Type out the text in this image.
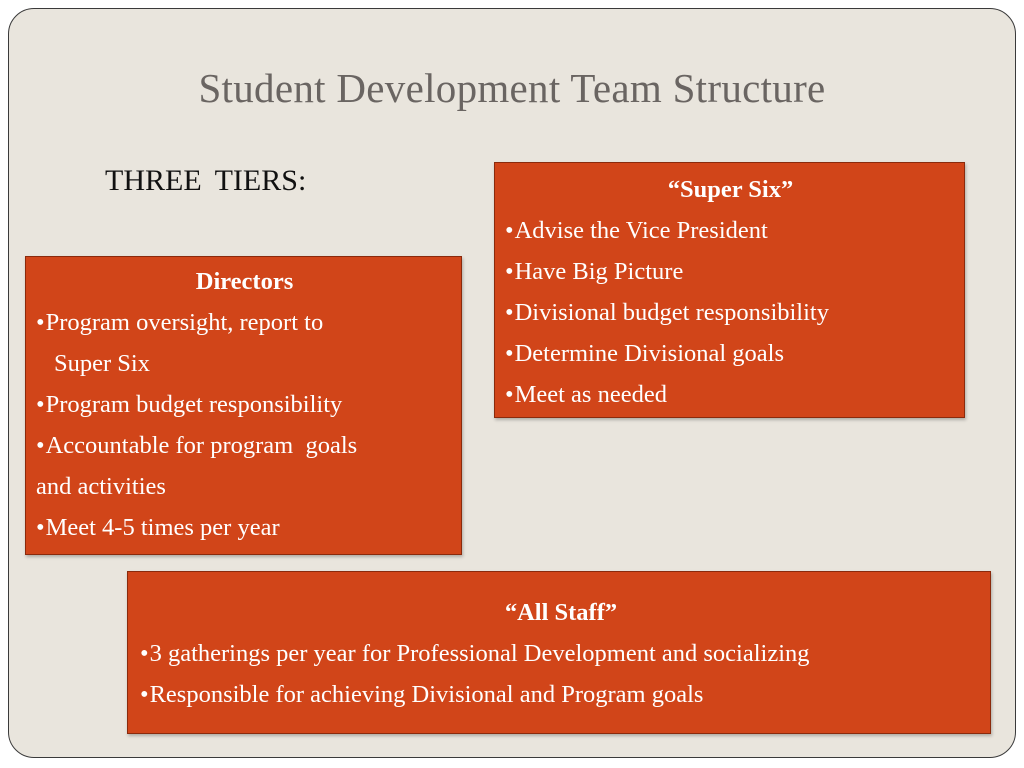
Student Development Team Structure

THREE TIERS:	“Super Six”

•Advise the Vice President
•Have Big Picture
•Divisional budget responsibility
•Determine Divisional goals
•Meet as needed

Directors

•Program oversight, report to
Super Six
•Program budget responsibility
•Accountable for program  goals
and activities
•Meet 4-5 times per year

“All Staff”

•3 gatherings per year for Professional Development and socializing
•Responsible for achieving Divisional and Program goals
